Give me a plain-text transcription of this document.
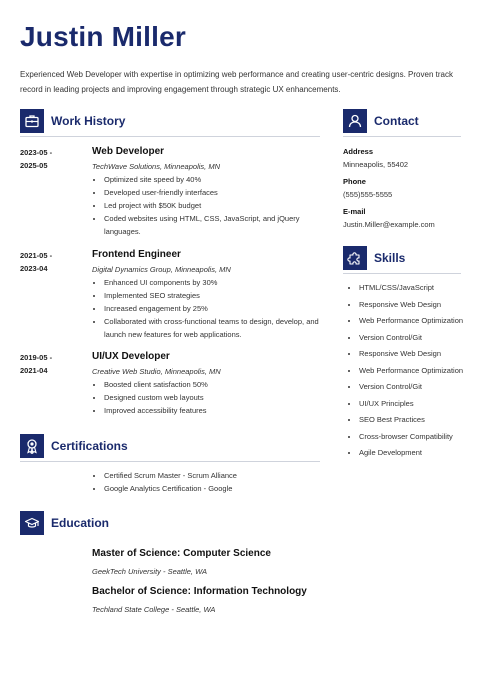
Justin Miller
Experienced Web Developer with expertise in optimizing web performance and creating user-centric designs. Proven track record in leading projects and improving engagement through strategic UX enhancements.
Work History
2023-05 -
2025-05
Web Developer
TechWave Solutions, Minneapolis, MN
• Optimized site speed by 40%
• Developed user-friendly interfaces
• Led project with $50K budget
• Coded websites using HTML, CSS, JavaScript, and jQuery languages.
2021-05 -
2023-04
Frontend Engineer
Digital Dynamics Group, Minneapolis, MN
• Enhanced UI components by 30%
• Implemented SEO strategies
• Increased engagement by 25%
• Collaborated with cross-functional teams to design, develop, and launch new features for web applications.
2019-05 -
2021-04
UI/UX Developer
Creative Web Studio, Minneapolis, MN
• Boosted client satisfaction 50%
• Designed custom web layouts
• Improved accessibility features
Certifications
• Certified Scrum Master - Scrum Alliance
• Google Analytics Certification - Google
Education
Master of Science: Computer Science
GeekTech University - Seattle, WA
Bachelor of Science: Information Technology
Techland State College - Seattle, WA
Contact
Address
Minneapolis, 55402
Phone
(555)555-5555
E-mail
Justin.Miller@example.com
Skills
• HTML/CSS/JavaScript
• Responsive Web Design
• Web Performance Optimization
• Version Control/Git
• Responsive Web Design
• Web Performance Optimization
• Version Control/Git
• UI/UX Principles
• SEO Best Practices
• Cross-browser Compatibility
• Agile Development
